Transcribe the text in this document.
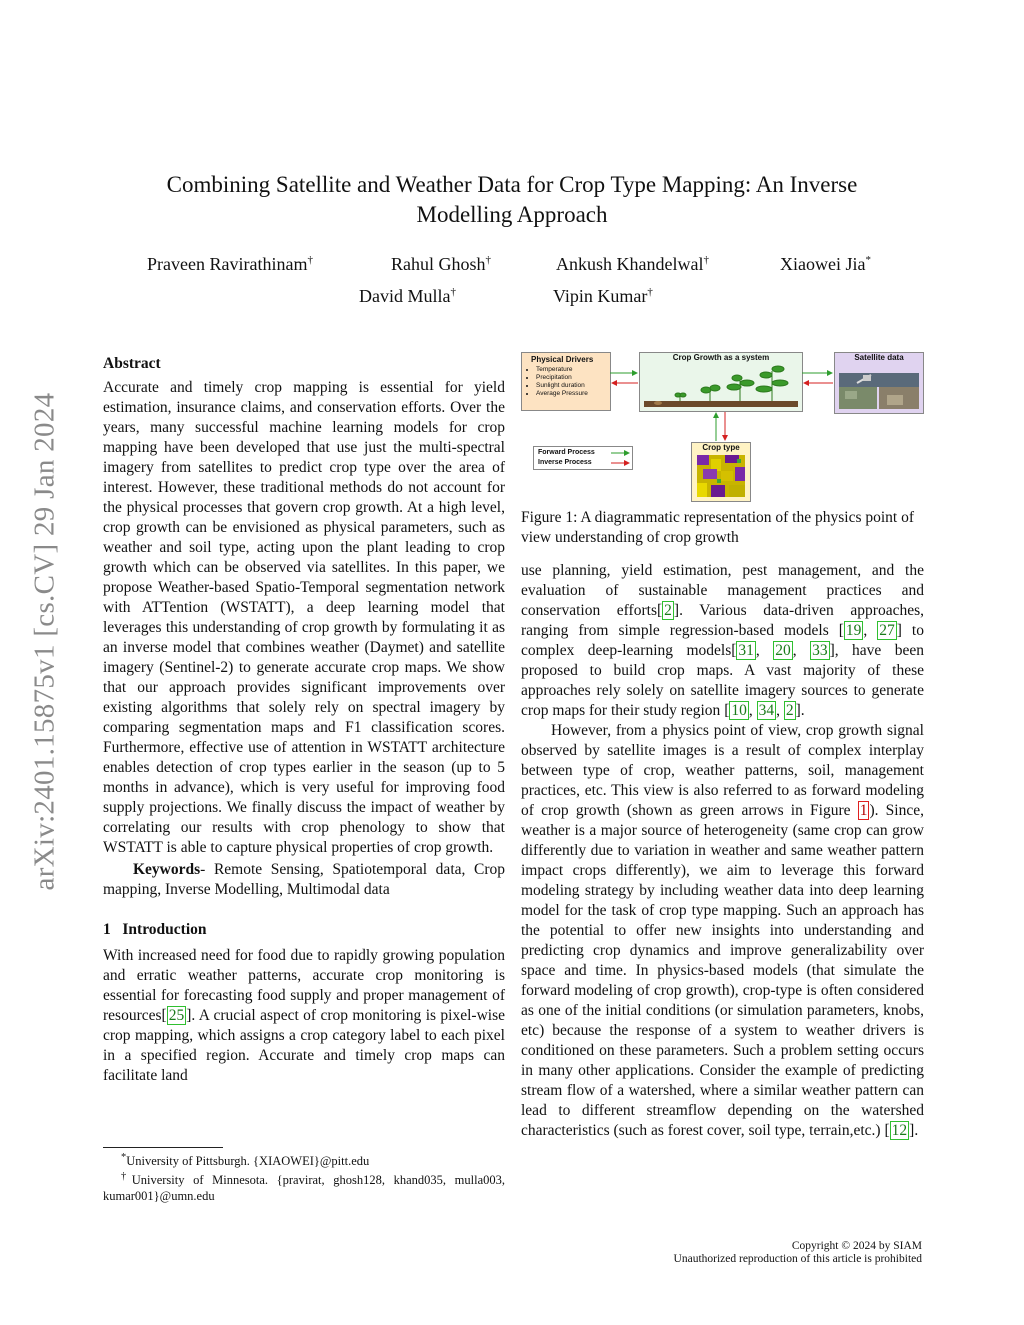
arXiv:2401.15875v1 [cs.CV] 29 Jan 2024
Combining Satellite and Weather Data for Crop Type Mapping: An Inverse
Modelling Approach
Praveen Ravirathinam†	Rahul Ghosh†	Ankush Khandelwal†	Xiaowei Jia*
David Mulla†	Vipin Kumar†
Abstract

Accurate and timely crop mapping is essential for yield estimation, insurance claims, and conservation efforts. Over the years, many successful machine learning models for crop mapping have been developed that use just the multi-spectral imagery from satellites to predict crop type over the area of interest. However, these traditional methods do not account for the physical processes that govern crop growth. At a high level, crop growth can be envisioned as physical parameters, such as weather and soil type, acting upon the plant leading to crop growth which can be observed via satellites. In this paper, we propose Weather-based Spatio-Temporal segmentation network with ATTention (WSTATT), a deep learning model that leverages this understanding of crop growth by formulating it as an inverse model that combines weather (Daymet) and satellite imagery (Sentinel-2) to generate accurate crop maps. We show that our approach provides significant improvements over existing algorithms that solely rely on spectral imagery by comparing segmentation maps and F1 classification scores. Furthermore, effective use of attention in WSTATT architecture enables detection of crop types earlier in the season (up to 5 months in advance), which is very useful for improving food supply projections. We finally discuss the impact of weather by correlating our results with crop phenology to show that WSTATT is able to capture physical properties of crop growth.

Keywords- Remote Sensing, Spatiotemporal data, Crop mapping, Inverse Modelling, Multimodal data

1 Introduction

With increased need for food due to rapidly growing population and erratic weather patterns, accurate crop monitoring is essential for forecasting food supply and proper management of resources[ 25 ]. A crucial aspect of crop monitoring is pixel-wise crop mapping, which assigns a crop category label to each pixel in a specified region. Accurate and timely crop maps can facilitate land

*University of Pittsburgh. {XIAOWEI}@pitt.edu
†University of Minnesota. {pravirat, ghosh128, khand035, mulla003, kumar001}@umn.edu
Physical Drivers
• Temperature
• Precipitation
• Sunlight duration
• Average Pressure
Crop Growth as a system	Satellite data
Crop type
Forward Process
Inverse Process
Figure 1: A diagrammatic representation of the physics point of view understanding of crop growth

use planning, yield estimation, pest management, and the evaluation of sustainable management practices and conservation efforts[ 2 ]. Various data-driven approaches, ranging from simple regression-based models [ 19 , 27 ] to complex deep-learning models[ 31 , 20 , 33 ], have been proposed to build crop maps. A vast majority of these approaches rely solely on satellite imagery sources to generate crop maps for their study region [ 10 , 34 , 2 ].

However, from a physics point of view, crop growth signal observed by satellite images is a result of complex interplay between type of crop, weather patterns, soil, management practices, etc. This view is also referred to as forward modeling of crop growth (shown as green arrows in Figure 1 ). Since, weather is a major source of heterogeneity (same crop can grow differently due to variation in weather and same weather pattern impact crops differently), we aim to leverage this forward modeling strategy by including weather data into deep learning model for the task of crop type mapping. Such an approach has the potential to offer new insights into understanding and predicting crop dynamics and improve generalizability over space and time. In physics-based models (that simulate the forward modeling of crop growth), crop-type is often considered as one of the initial conditions (or simulation parameters, knobs, etc) because the response of a system to weather drivers is conditioned on these parameters. Such a problem setting occurs in many other applications. Consider the example of predicting stream flow of a watershed, where a similar weather pattern can lead to different streamflow depending on the watershed characteristics (such as forest cover, soil type, terrain,etc.) [ 12 ].

Copyright © 2024 by SIAM
Unauthorized reproduction of this article is prohibited
